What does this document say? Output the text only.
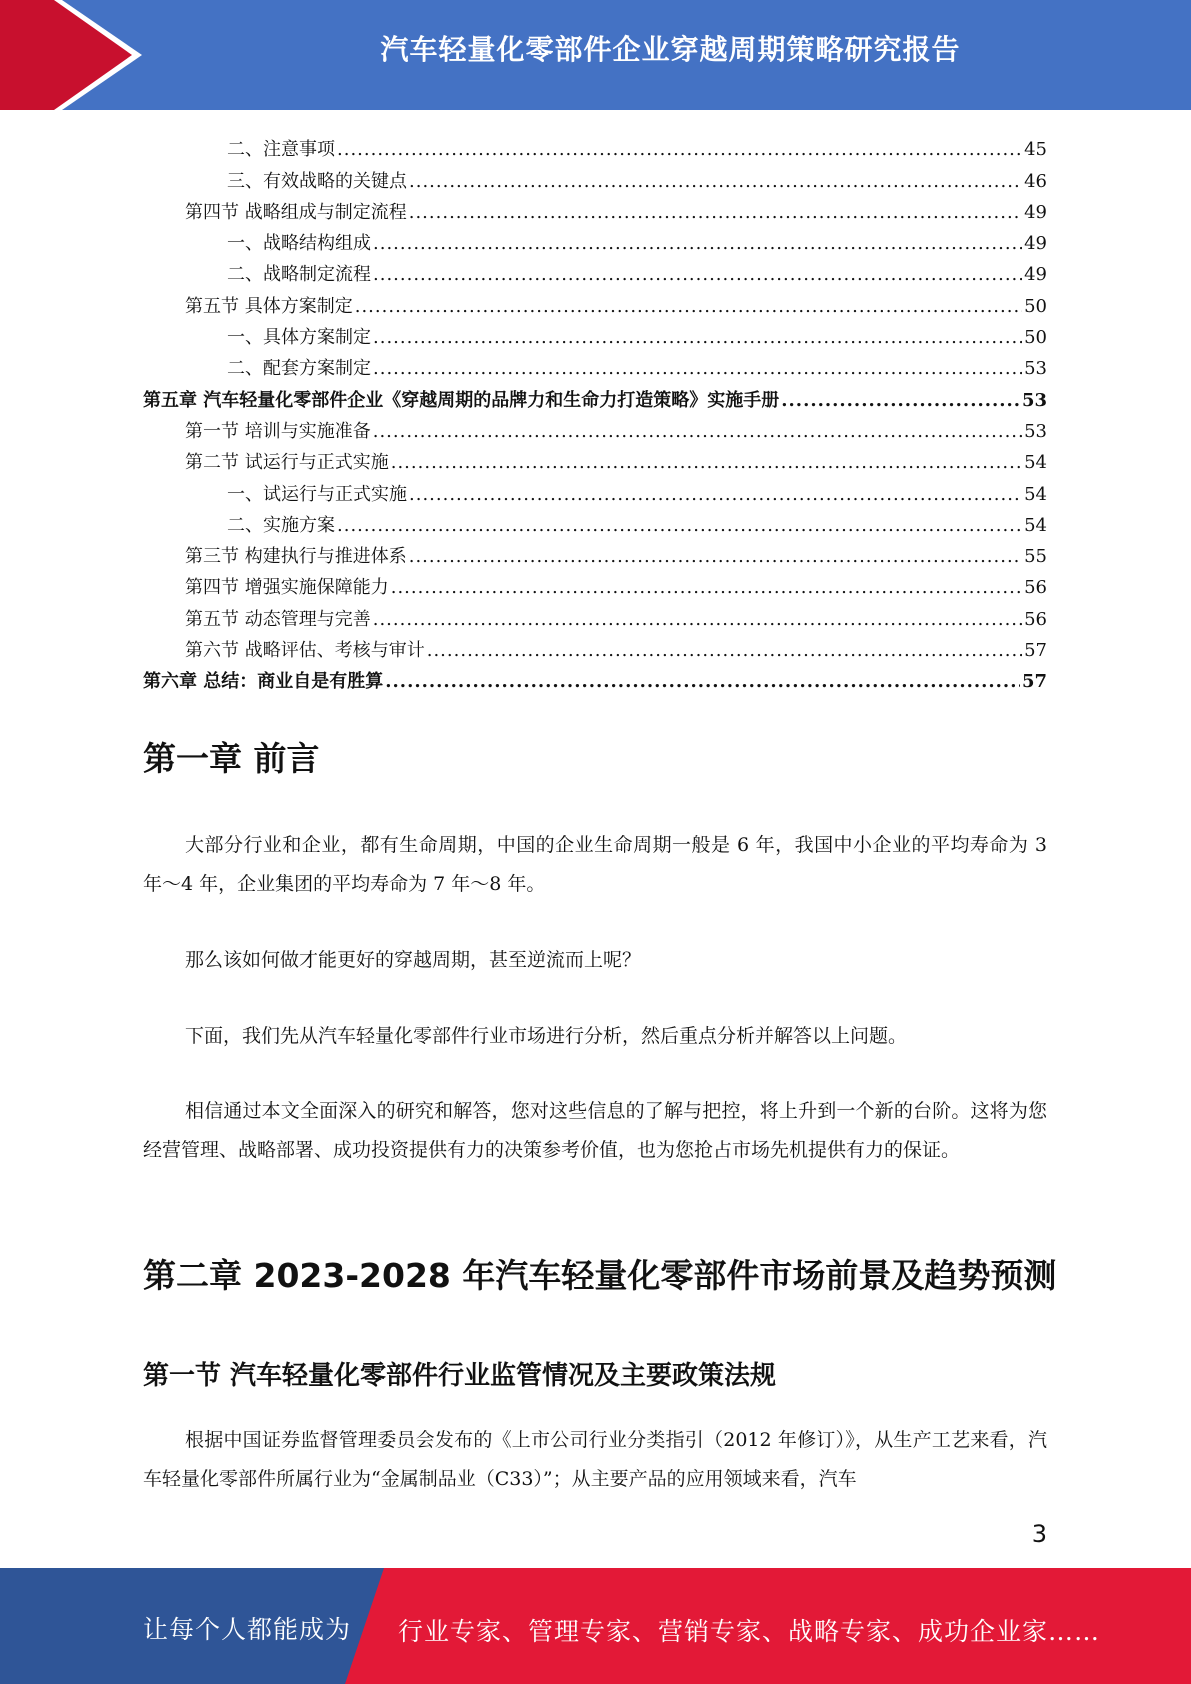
汽车轻量化零部件企业穿越周期策略研究报告
二、注意事项 .....	45
三、有效战略的关键点 .....	46
第四节 战略组成与制定流程 .....	49
一、战略结构组成 .....	49
二、战略制定流程 .....	49
第五节 具体方案制定 .....	50
一、具体方案制定 .....	50
二、配套方案制定 .....	53
第五章 汽车轻量化零部件企业《穿越周期的品牌力和生命力打造策略》实施手册 .....	53
第一节 培训与实施准备 .....	53
第二节 试运行与正式实施 .....	54
一、试运行与正式实施 .....	54
二、实施方案 .....	54
第三节 构建执行与推进体系 .....	55
第四节 增强实施保障能力 .....	56
第五节 动态管理与完善 .....	56
第六节 战略评估、考核与审计 .....	57
第六章 总结：商业自是有胜算 .....	57
第一章 前言

大部分行业和企业，都有生命周期，中国的企业生命周期一般是 6 年，我国中小企业的平均寿命为 3 年～4 年，企业集团的平均寿命为 7 年～8 年。

那么该如何做才能更好的穿越周期，甚至逆流而上呢？

下面，我们先从汽车轻量化零部件行业市场进行分析，然后重点分析并解答以上问题。

相信通过本文全面深入的研究和解答，您对这些信息的了解与把控，将上升到一个新的台阶。这将为您经营管理、战略部署、成功投资提供有力的决策参考价值，也为您抢占市场先机提供有力的保证。

第二章 2023-2028 年汽车轻量化零部件市场前景及趋势预测
第一节 汽车轻量化零部件行业监管情况及主要政策法规

根据中国证券监督管理委员会发布的《上市公司行业分类指引（2012 年修订）》，从生产工艺来看，汽车轻量化零部件所属行业为“金属制品业（C33）”；从主要产品的应用领域来看，汽车

3
让每个人都能成为 行业专家、管理专家、营销专家、战略专家、成功企业家……
